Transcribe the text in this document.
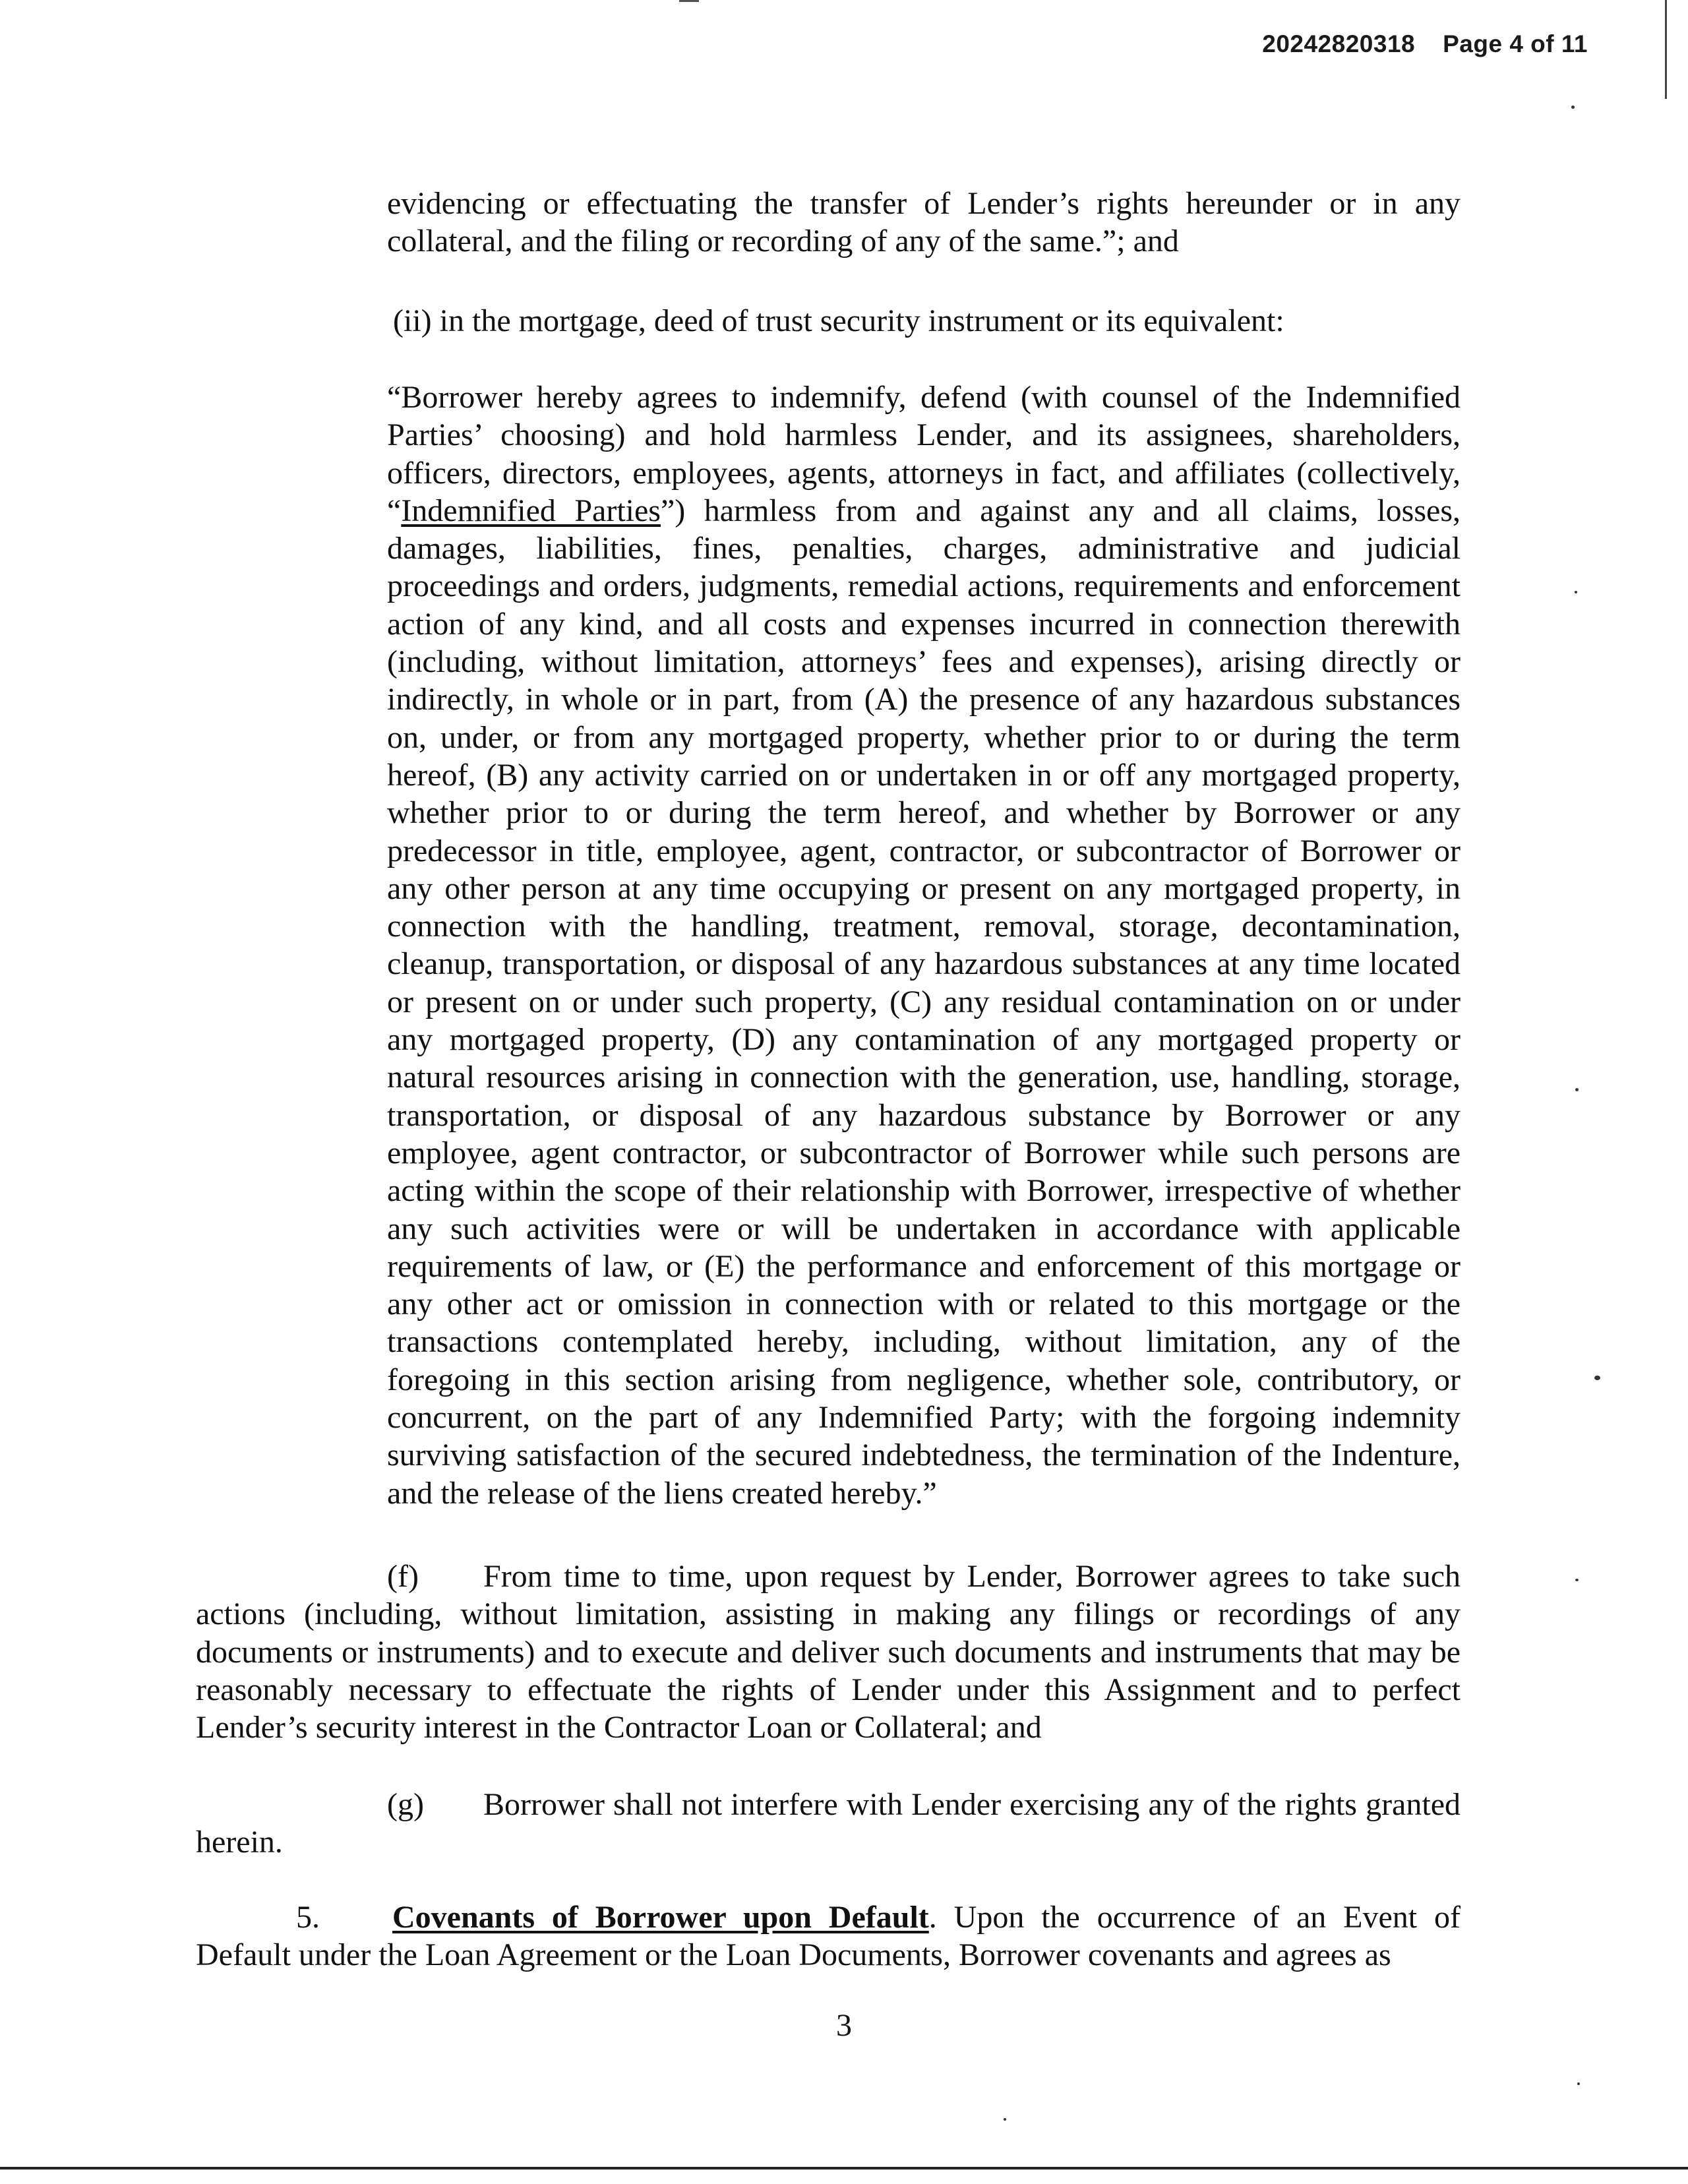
20242820318 Page 4 of 11

evidencing or effectuating the transfer of Lender’s rights hereunder or in any collateral, and the filing or recording of any of the same.”; and

(ii) in the mortgage, deed of trust security instrument or its equivalent:

“Borrower hereby agrees to indemnify, defend (with counsel of the Indemnified Parties’ choosing) and hold harmless Lender, and its assignees, shareholders, officers, directors, employees, agents, attorneys in fact, and affiliates (collectively, “Indemnified Parties”) harmless from and against any and all claims, losses, damages, liabilities, fines, penalties, charges, administrative and judicial proceedings and orders, judgments, remedial actions, requirements and enforcement action of any kind, and all costs and expenses incurred in connection therewith (including, without limitation, attorneys’ fees and expenses), arising directly or indirectly, in whole or in part, from (A) the presence of any hazardous substances on, under, or from any mortgaged property, whether prior to or during the term hereof, (B) any activity carried on or undertaken in or off any mortgaged property, whether prior to or during the term hereof, and whether by Borrower or any predecessor in title, employee, agent, contractor, or subcontractor of Borrower or any other person at any time occupying or present on any mortgaged property, in connection with the handling, treatment, removal, storage, decontamination, cleanup, transportation, or disposal of any hazardous substances at any time located or present on or under such property, (C) any residual contamination on or under any mortgaged property, (D) any contamination of any mortgaged property or natural resources arising in connection with the generation, use, handling, storage, transportation, or disposal of any hazardous substance by Borrower or any employee, agent contractor, or subcontractor of Borrower while such persons are acting within the scope of their relationship with Borrower, irrespective of whether any such activities were or will be undertaken in accordance with applicable requirements of law, or (E) the performance and enforcement of this mortgage or any other act or omission in connection with or related to this mortgage or the transactions contemplated hereby, including, without limitation, any of the foregoing in this section arising from negligence, whether sole, contributory, or concurrent, on the part of any Indemnified Party; with the forgoing indemnity surviving satisfaction of the secured indebtedness, the termination of the Indenture, and the release of the liens created hereby.”

(f) From time to time, upon request by Lender, Borrower agrees to take such actions (including, without limitation, assisting in making any filings or recordings of any documents or instruments) and to execute and deliver such documents and instruments that may be reasonably necessary to effectuate the rights of Lender under this Assignment and to perfect Lender’s security interest in the Contractor Loan or Collateral; and

(g) Borrower shall not interfere with Lender exercising any of the rights granted herein.

5. Covenants of Borrower upon Default. Upon the occurrence of an Event of Default under the Loan Agreement or the Loan Documents, Borrower covenants and agrees as

3
